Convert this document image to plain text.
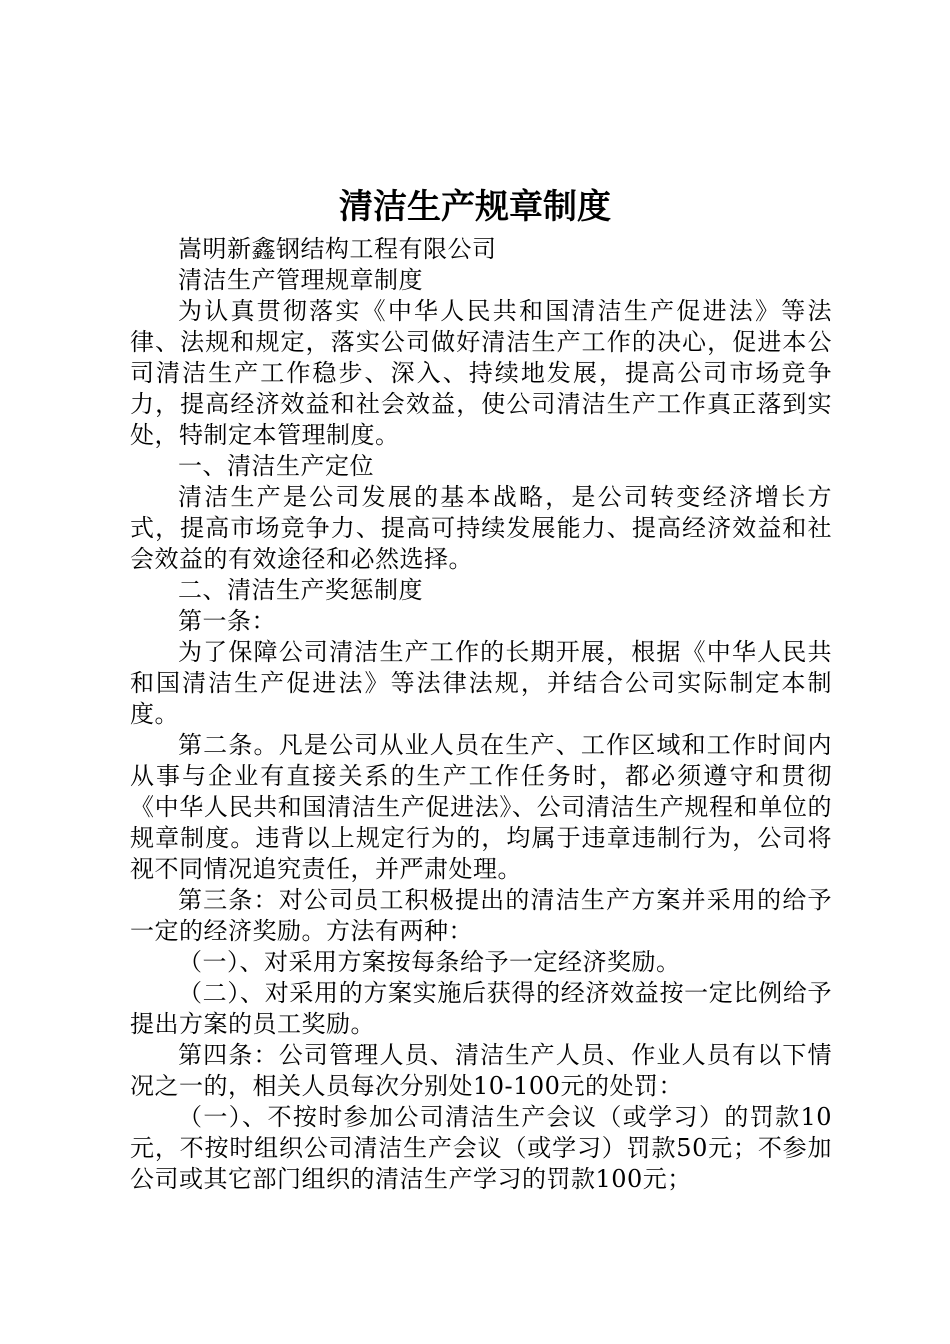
清洁生产规章制度

嵩明新鑫钢结构工程有限公司

清洁生产管理规章制度

为认真贯彻落实《中华人民共和国清洁生产促进法》等法律、法规和规定，落实公司做好清洁生产工作的决心，促进本公司清洁生产工作稳步、深入、持续地发展，提高公司市场竞争力，提高经济效益和社会效益，使公司清洁生产工作真正落到实处，特制定本管理制度。

一、清洁生产定位

清洁生产是公司发展的基本战略，是公司转变经济增长方式，提高市场竞争力、提高可持续发展能力、提高经济效益和社会效益的有效途径和必然选择。

二、清洁生产奖惩制度

第一条：

为了保障公司清洁生产工作的长期开展，根据《中华人民共和国清洁生产促进法》等法律法规，并结合公司实际制定本制度。

第二条。凡是公司从业人员在生产、工作区域和工作时间内从事与企业有直接关系的生产工作任务时，都必须遵守和贯彻《中华人民共和国清洁生产促进法》、公司清洁生产规程和单位的规章制度。违背以上规定行为的，均属于违章违制行为，公司将视不同情况追究责任，并严肃处理。

第三条：对公司员工积极提出的清洁生产方案并采用的给予一定的经济奖励。方法有两种：

（一）、对采用方案按每条给予一定经济奖励。

（二）、对采用的方案实施后获得的经济效益按一定比例给予提出方案的员工奖励。

第四条：公司管理人员、清洁生产人员、作业人员有以下情况之一的，相关人员每次分别处10-100元的处罚：

（一）、不按时参加公司清洁生产会议（或学习）的罚款10元，不按时组织公司清洁生产会议（或学习）罚款50元；不参加公司或其它部门组织的清洁生产学习的罚款100元；
